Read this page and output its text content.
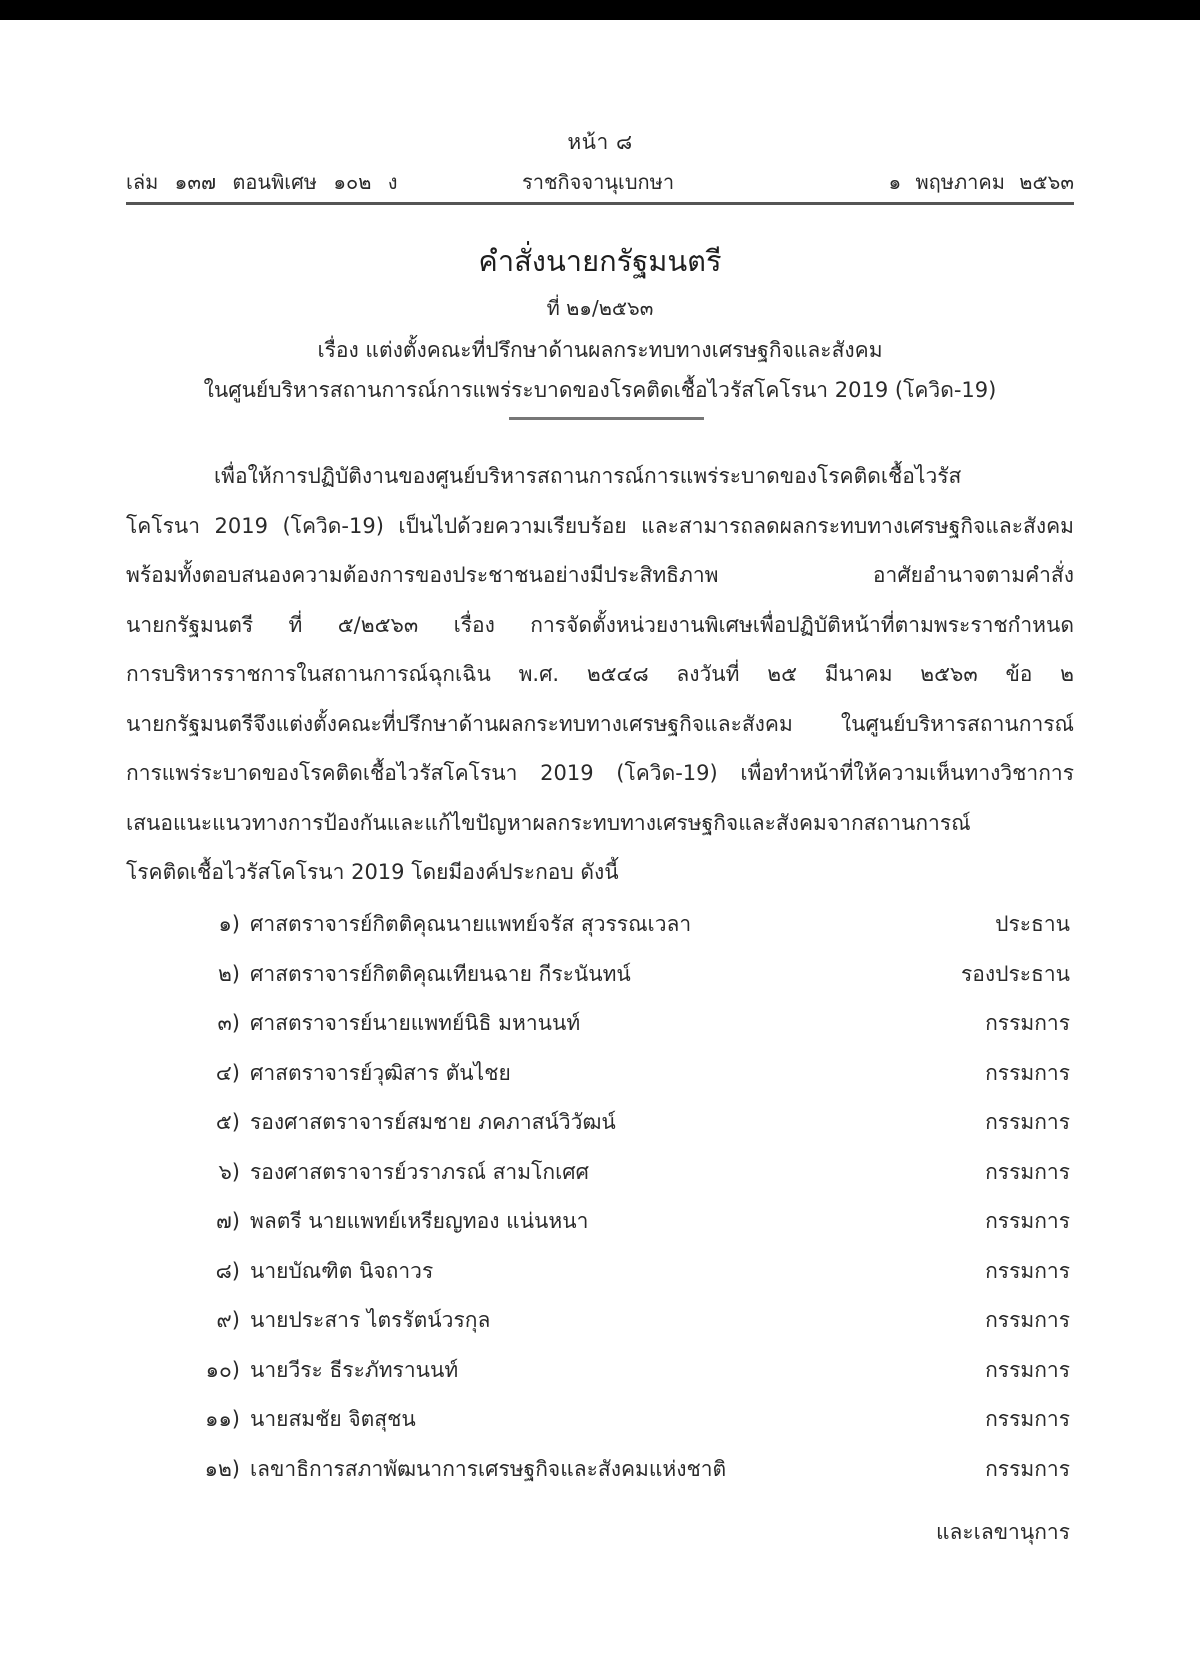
หน้า ๘
เล่ม ๑๓๗ ตอนพิเศษ ๑๐๒ ง	ราชกิจจานุเบกษา	๑ พฤษภาคม ๒๕๖๓
คำสั่งนายกรัฐมนตรี
ที่ ๒๑/๒๕๖๓
เรื่อง แต่งตั้งคณะที่ปรึกษาด้านผลกระทบทางเศรษฐกิจและสังคม
ในศูนย์บริหารสถานการณ์การแพร่ระบาดของโรคติดเชื้อไวรัสโคโรนา 2019 (โควิด-19)
เพื่อให้การปฏิบัติงานของศูนย์บริหารสถานการณ์การแพร่ระบาดของโรคติดเชื้อไวรัส
โคโรนา 2019 (โควิด-19) เป็นไปด้วยความเรียบร้อย และสามารถลดผลกระทบทางเศรษฐกิจและสังคม
พร้อมทั้งตอบสนองความต้องการของประชาชนอย่างมีประสิทธิภาพ อาศัยอำนาจตามคำสั่ง
นายกรัฐมนตรี ที่ ๕/๒๕๖๓ เรื่อง การจัดตั้งหน่วยงานพิเศษเพื่อปฏิบัติหน้าที่ตามพระราชกำหนด
การบริหารราชการในสถานการณ์ฉุกเฉิน พ.ศ. ๒๕๔๘ ลงวันที่ ๒๕ มีนาคม ๒๕๖๓ ข้อ ๒
นายกรัฐมนตรีจึงแต่งตั้งคณะที่ปรึกษาด้านผลกระทบทางเศรษฐกิจและสังคม ในศูนย์บริหารสถานการณ์
การแพร่ระบาดของโรคติดเชื้อไวรัสโคโรนา 2019 (โควิด-19) เพื่อทำหน้าที่ให้ความเห็นทางวิชาการ
เสนอแนะแนวทางการป้องกันและแก้ไขปัญหาผลกระทบทางเศรษฐกิจและสังคมจากสถานการณ์
โรคติดเชื้อไวรัสโคโรนา 2019 โดยมีองค์ประกอบ ดังนี้
๑) ศาสตราจารย์กิตติคุณนายแพทย์จรัส สุวรรณเวลา	ประธาน
๒) ศาสตราจารย์กิตติคุณเทียนฉาย กีระนันทน์	รองประธาน
๓) ศาสตราจารย์นายแพทย์นิธิ มหานนท์	กรรมการ
๔) ศาสตราจารย์วุฒิสาร ตันไชย	กรรมการ
๕) รองศาสตราจารย์สมชาย ภคภาสน์วิวัฒน์	กรรมการ
๖) รองศาสตราจารย์วราภรณ์ สามโกเศศ	กรรมการ
๗) พลตรี นายแพทย์เหรียญทอง แน่นหนา	กรรมการ
๘) นายบัณฑิต นิจถาวร	กรรมการ
๙) นายประสาร ไตรรัตน์วรกุล	กรรมการ
๑๐) นายวีระ ธีระภัทรานนท์	กรรมการ
๑๑) นายสมชัย จิตสุชน	กรรมการ
๑๒) เลขาธิการสภาพัฒนาการเศรษฐกิจและสังคมแห่งชาติ	กรรมการ
และเลขานุการ
